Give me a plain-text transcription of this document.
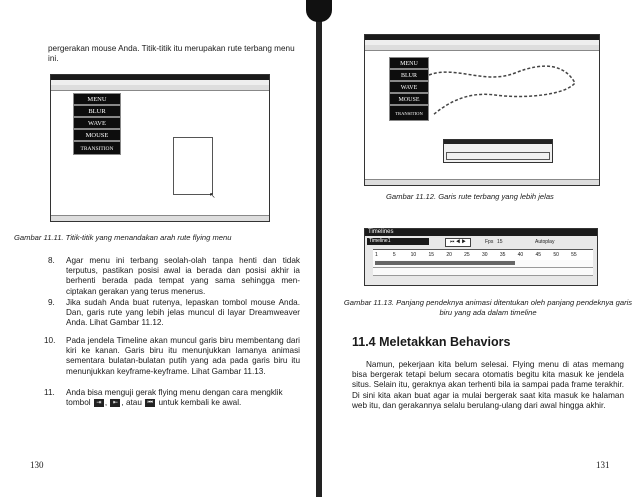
pergerakan mouse Anda. Titik-titik itu merupakan rute terbang menu ini.
MENU
BLUR
WAVE
MOUSE
TRANSITION
↖
Gambar 11.11. Titik-titik yang menandakan arah rute flying menu
8. Agar menu ini terbang seolah-olah tanpa henti dan tidak terputus, pastikan posisi awal ia berada dan posisi akhir ia berhenti berada pada tempat yang sama sehingga men-ciptakan gerakan yang terus menerus.
9. Jika sudah Anda buat rutenya, lepaskan tombol mouse Anda. Dan, garis rute yang lebih jelas muncul di layar Dreamweaver Anda. Lihat Gambar 11.12.
10. Pada jendela Timeline akan muncul garis biru membentang dari kiri ke kanan. Garis biru itu menunjukkan lamanya animasi sementara bulatan-bulatan putih yang ada pada garis biru itu menunjukkan keyframe-keyframe. Lihat Gambar 11.13.
11. Anda bisa menguji gerak flying menu dengan cara mengklik tombol ⇥ , ⇤ , atau ⏮ untuk kembali ke awal.
130
MENU
BLUR
WAVE
MOUSE
TRANSITION
Gambar 11.12. Garis rute terbang yang lebih jelas
Timelines
Timeline1	⏮ ◀ ▶	Fps 15	Autoplay
1	5	10 15 20 25 30 35 40 45 50 55
Gambar 11.13. Panjang pendeknya animasi ditentukan oleh panjang pendeknya garis biru yang ada dalam timeline
11.4 Meletakkan Behaviors
Namun, pekerjaan kita belum selesai. Flying menu di atas memang bisa bergerak tetapi belum secara otomatis begitu kita masuk ke jendela situs. Selain itu, geraknya akan terhenti bila ia sampai pada frame terakhir. Di sini kita akan buat agar ia mulai bergerak saat kita masuk ke halaman web itu, dan gerakannya selalu berulang-ulang dari awal hingga akhir.
131
